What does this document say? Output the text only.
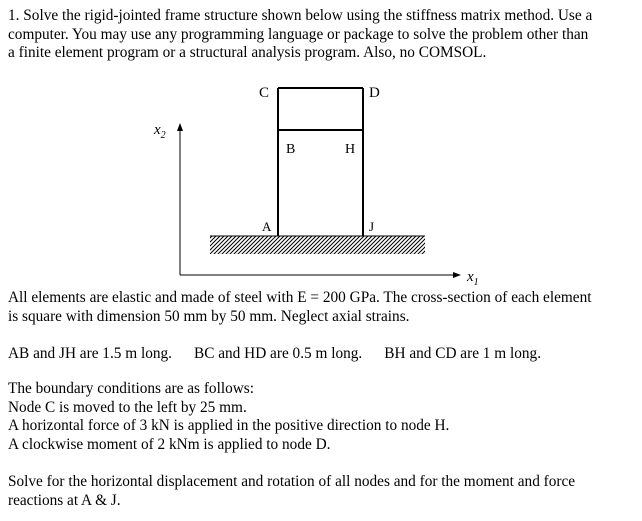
1. Solve the rigid-jointed frame structure shown below using the stiffness matrix method. Use a
computer. You may use any programming language or package to solve the problem other than
a finite element program or a structural analysis program. Also, no COMSOL.
C	D
B	H
A	J
$x_2$
$x_1$
All elements are elastic and made of steel with E = 200 GPa. The cross-section of each element
is square with dimension 50 mm by 50 mm. Neglect axial strains.
AB and JH are 1.5 m long. BC and HD are 0.5 m long. BH and CD are 1 m long.
The boundary conditions are as follows:
Node C is moved to the left by 25 mm.
A horizontal force of 3 kN is applied in the positive direction to node H.
A clockwise moment of 2 kNm is applied to node D.
Solve for the horizontal displacement and rotation of all nodes and for the moment and force
reactions at A & J.
